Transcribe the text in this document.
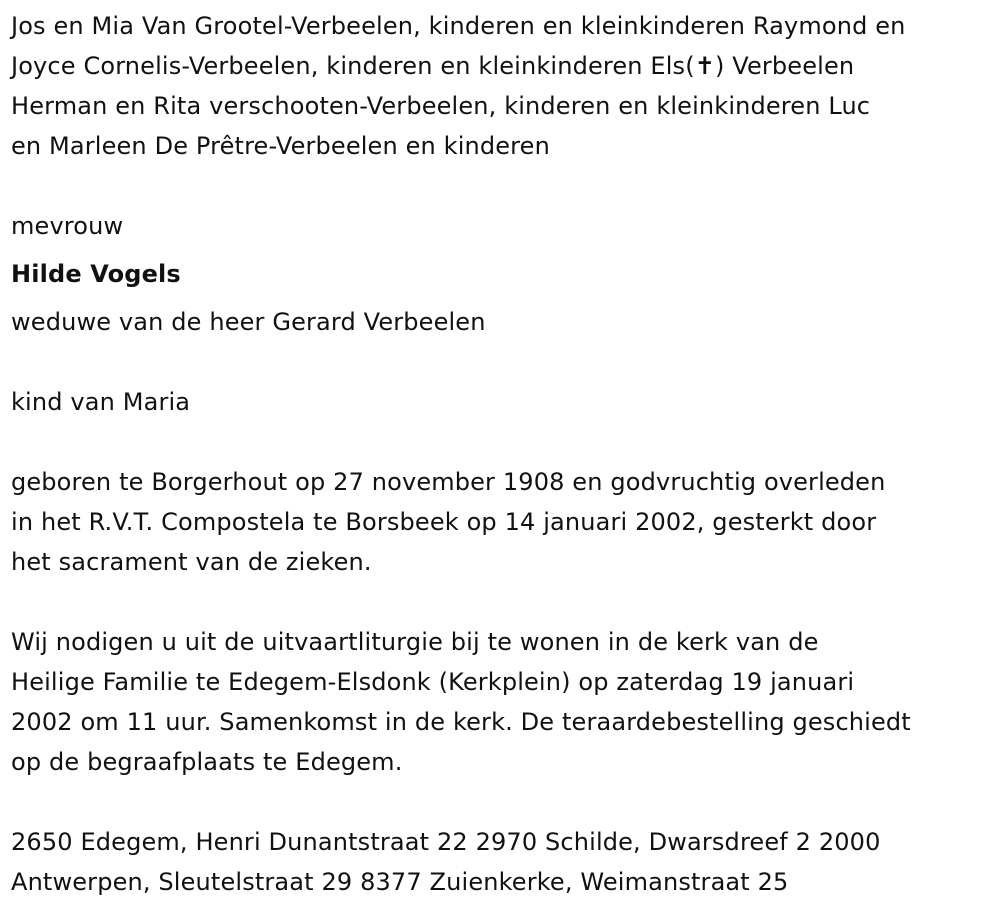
Jos en Mia Van Grootel-Verbeelen, kinderen en kleinkinderen Raymond en
Joyce Cornelis-Verbeelen, kinderen en kleinkinderen Els(✝) Verbeelen
Herman en Rita verschooten-Verbeelen, kinderen en kleinkinderen Luc
en Marleen De Prêtre-Verbeelen en kinderen

mevrouw

Hilde Vogels

weduwe van de heer Gerard Verbeelen

kind van Maria

geboren te Borgerhout op 27 november 1908 en godvruchtig overleden
in het R.V.T. Compostela te Borsbeek op 14 januari 2002, gesterkt door
het sacrament van de zieken.

Wij nodigen u uit de uitvaartliturgie bij te wonen in de kerk van de
Heilige Familie te Edegem-Elsdonk (Kerkplein) op zaterdag 19 januari
2002 om 11 uur. Samenkomst in de kerk. De teraardebestelling geschiedt
op de begraafplaats te Edegem.

2650 Edegem, Henri Dunantstraat 22 2970 Schilde, Dwarsdreef 2 2000
Antwerpen, Sleutelstraat 29 8377 Zuienkerke, Weimanstraat 25
